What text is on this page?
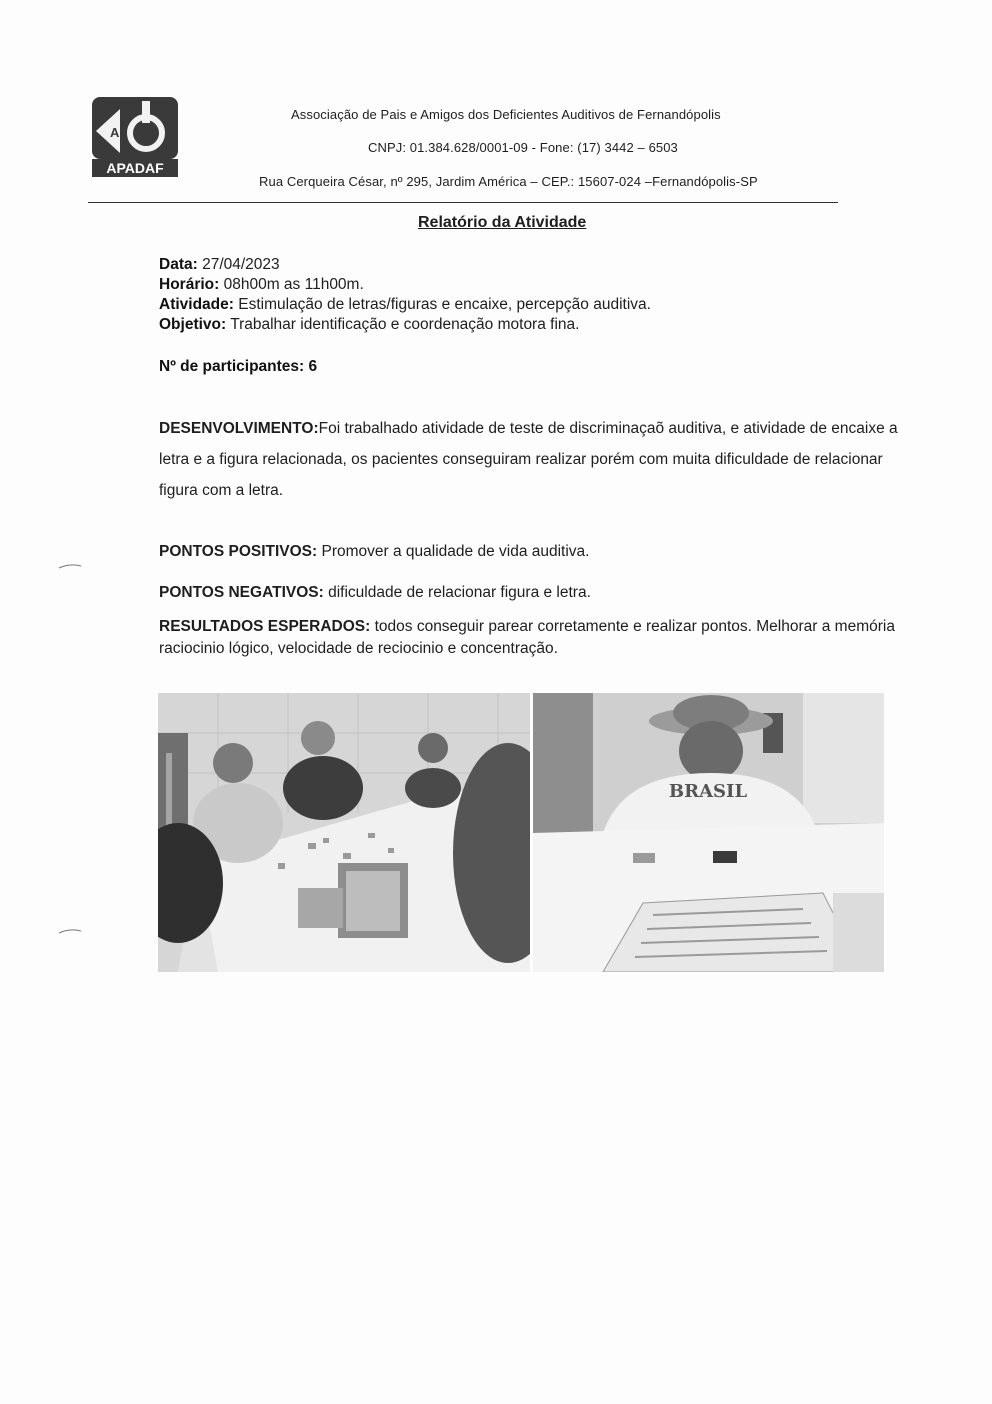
A
APADAF
Associação de Pais e Amigos dos Deficientes Auditivos de Fernandópolis
CNPJ: 01.384.628/0001-09 - Fone: (17) 3442 – 6503
Rua Cerqueira César, nº 295, Jardim América – CEP.: 15607-024 –Fernandópolis-SP
Relatório da Atividade
Data: 27/04/2023
Horário: 08h00m as 11h00m.
Atividade: Estimulação de letras/figuras e encaixe, percepção auditiva.
Objetivo: Trabalhar identificação e coordenação motora fina.
Nº de participantes: 6
DESENVOLVIMENTO:Foi trabalhado atividade de teste de discriminaçaõ auditiva, e atividade de encaixe a letra e a figura relacionada, os pacientes conseguiram realizar porém com muita dificuldade de relacionar figura com a letra.
PONTOS POSITIVOS: Promover a qualidade de vida auditiva.
PONTOS NEGATIVOS: dificuldade de relacionar figura e letra.
RESULTADOS ESPERADOS: todos conseguir parear corretamente e realizar pontos. Melhorar a memória raciocinio lógico, velocidade de reciocinio e concentração.
BRASIL
